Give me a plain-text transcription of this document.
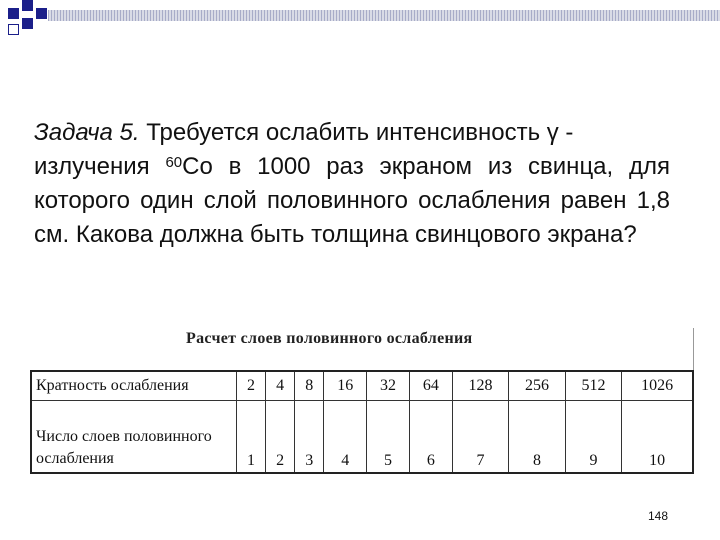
Задача 5. Требуется ослабить интенсивность γ -
излучения $^{60}$Co в 1000 раз экраном из свинца, для которого один слой половинного ослабления равен 1,8 см. Какова должна быть толщина свинцового экрана?

Расчет слоев половинного ослабления
Кратность ослабления	2	4	8	16	32	64	128	256	512	1026
Число слоев половинного ослабления	1	2	3	4	5	6	7	8	9	10
148
